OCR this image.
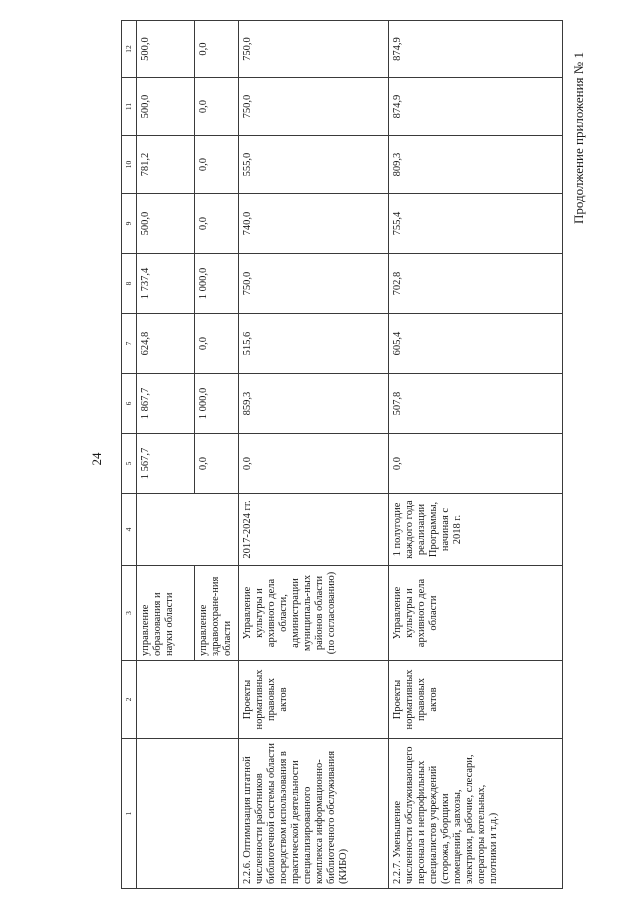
24
Продолжение приложения № 1
1	2	3	4	5	6	7	8	9	10	11	12
		управление образования и науки области		1 567,7	1 867,7	624,8	1 737,4	500,0	781,2	500,0	500,0
		управление здравоохране-ния области		0,0	1 000,0	0,0	1 000,0	0,0	0,0	0,0	0,0
2.2.6. Оптимизация штатной численности работников библиотечной системы области посредством использования в практической деятельности специализированного комплекса информационно-библиотечного обслуживания (КИБО)	Проекты нормативных правовых актов	Управление культуры и архивного дела области, администрации муниципаль-ных районов области (по согласованию)	2017-2024 гг.	0,0	859,3	515,6	750,0	740,0	555,0	750,0	750,0
2.2.7. Уменьшение численности обслуживающего персонала и непрофильных специалистов учреждений (сторожа, уборщики помещений, завхозы, электрики, рабочие, слесари, операторы котельных, плотники и т.д.)	Проекты нормативных правовых актов	Управление культуры и архивного дела области	1 полугодие каждого года реализации Программы, начиная с 2018 г.	0,0	507,8	605,4	702,8	755,4	809,3	874,9	874,9
